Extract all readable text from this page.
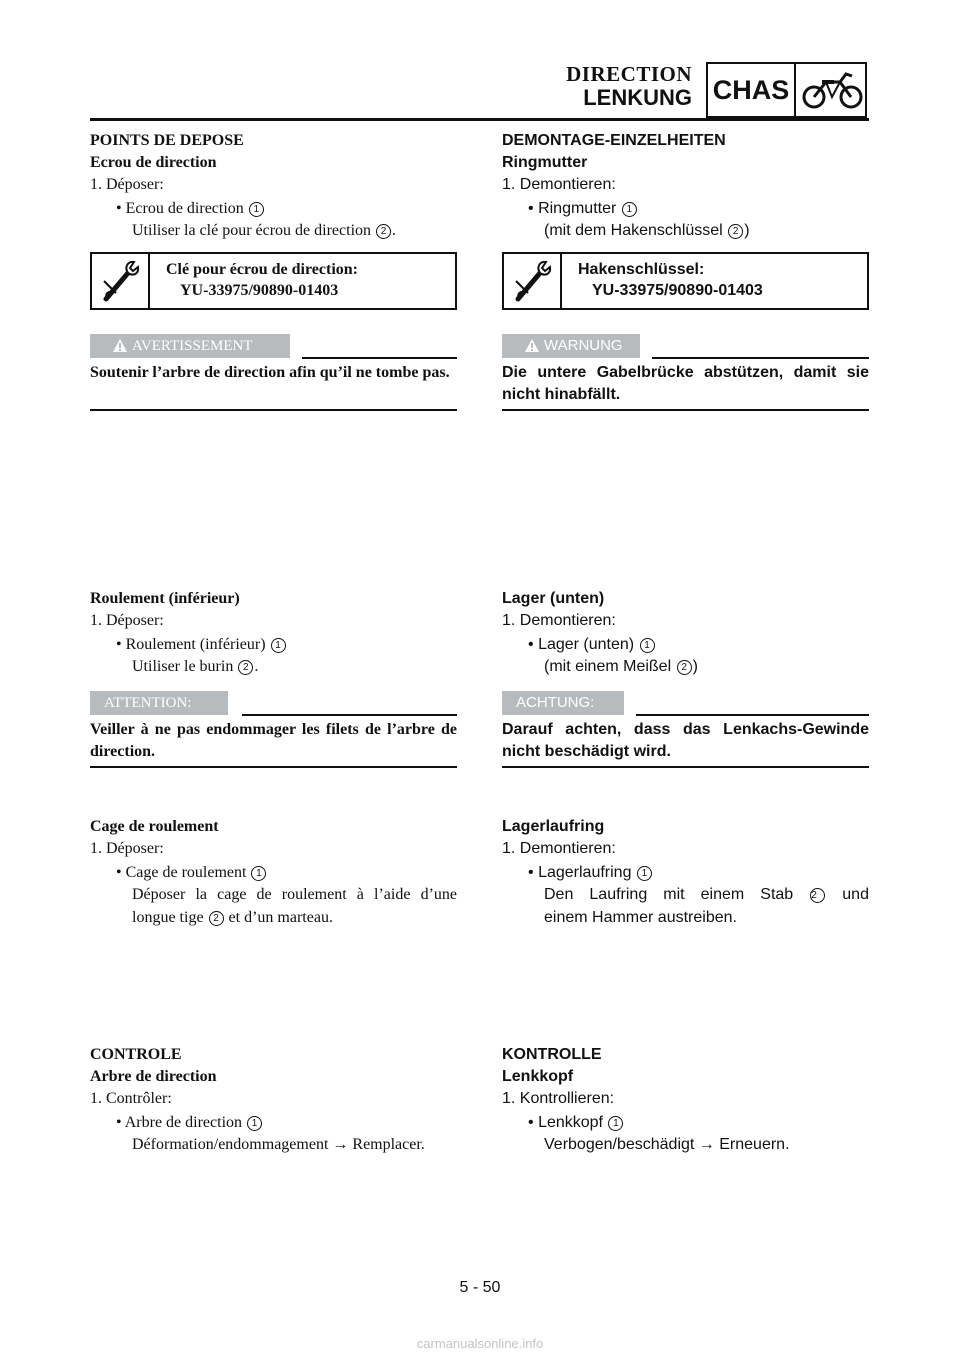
DIRECTION
LENKUNG CHAS
POINTS DE DEPOSE
Ecrou de direction
1. Déposer:
• Ecrou de direction 1
Utiliser la clé pour écrou de direction 2 .
Clé pour écrou de direction:
YU-33975/90890-01403
AVERTISSEMENT
Soutenir l’arbre de direction afin qu’il ne tombe pas.
Roulement (inférieur)
1. Déposer:
• Roulement (inférieur) 1
Utiliser le burin 2 .
ATTENTION:
Veiller à ne pas endommager les filets de l’arbre de direction.
Cage de roulement
1. Déposer:
• Cage de roulement 1
Déposer la cage de roulement à l’aide d’une
longue tige 2 et d’un marteau.
CONTROLE
Arbre de direction
1. Contrôler:
• Arbre de direction 1
Déformation/endommagement → Remplacer.
DEMONTAGE-EINZELHEITEN
Ringmutter
1. Demontieren:
• Ringmutter 1
(mit dem Hakenschlüssel 2 )
Hakenschlüssel:
YU-33975/90890-01403
WARNUNG
Die untere Gabelbrücke abstützen, damit sie nicht hinabfällt.
Lager (unten)
1. Demontieren:
• Lager (unten) 1
(mit einem Meißel 2 )
ACHTUNG:
Darauf achten, dass das Lenkachs-Gewinde nicht beschädigt wird.
Lagerlaufring
1. Demontieren:
• Lagerlaufring 1
Den Laufring mit einem Stab 2 und
einem Hammer austreiben.
KONTROLLE
Lenkkopf
1. Kontrollieren:
• Lenkkopf 1
Verbogen/beschädigt → Erneuern.
5 - 50
carmanualsonline.info
